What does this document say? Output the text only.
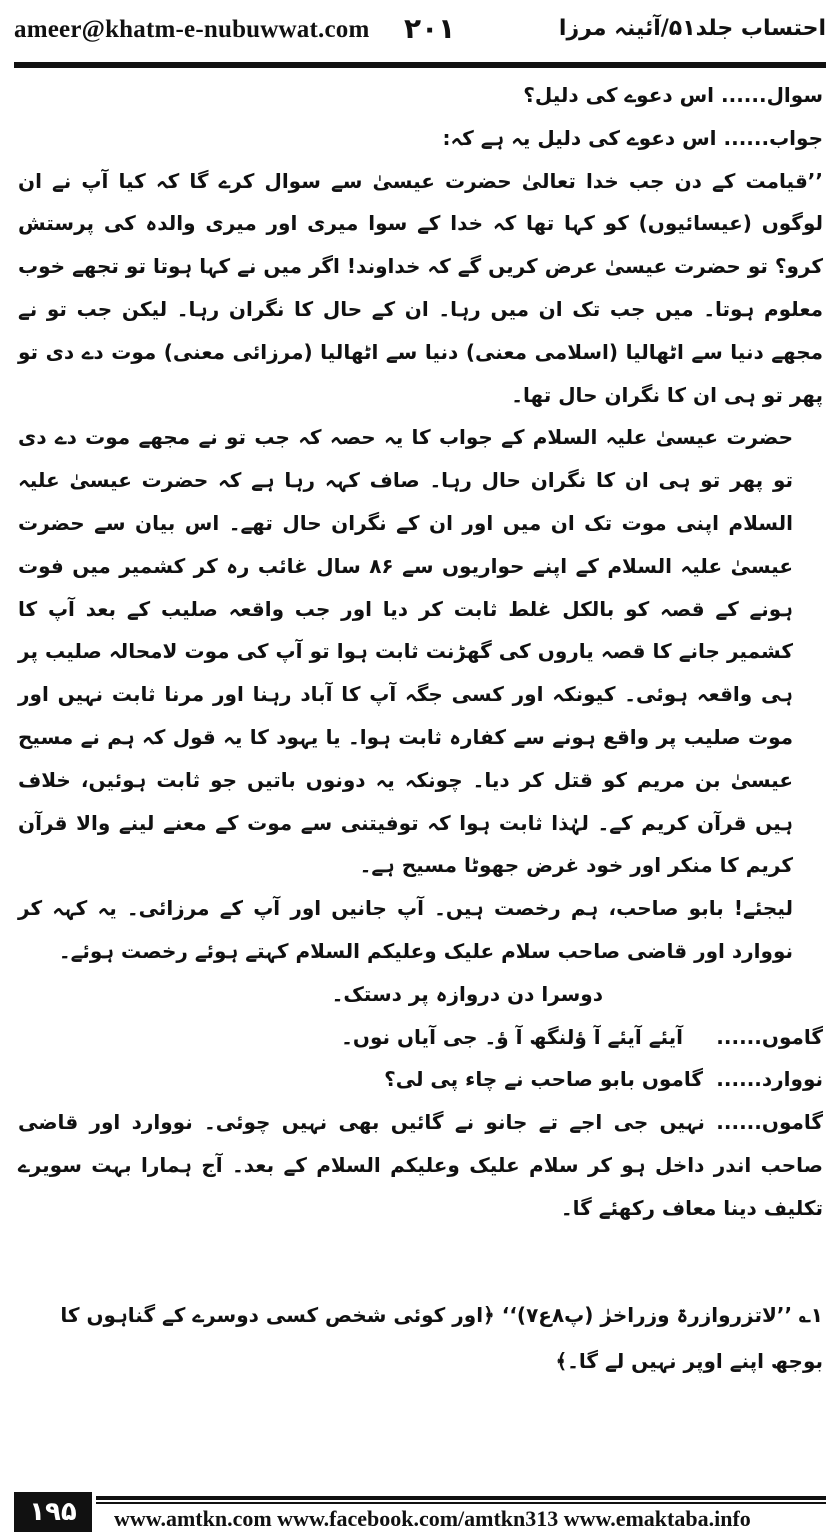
ameer@khatm-e-nubuwwat.com ۲۰۱	احتساب جلد۵۱/آئینہ مرزا

سوال...... اس دعوے کی دلیل؟

جواب...... اس دعوے کی دلیل یہ ہے کہ:

’’قیامت کے دن جب خدا تعالیٰ حضرت عیسیٰ سے سوال کرے گا کہ کیا آپ نے ان لوگوں (عیسائیوں) کو کہا تھا کہ خدا کے سوا میری اور میری والدہ کی پرستش کرو؟ تو حضرت عیسیٰ عرض کریں گے کہ خداوند! اگر میں نے کہا ہوتا تو تجھے خوب معلوم ہوتا۔ میں جب تک ان میں رہا۔ ان کے حال کا نگران رہا۔ لیکن جب تو نے مجھے دنیا سے اٹھالیا (اسلامی معنی) دنیا سے اٹھالیا (مرزائی معنی) موت دے دی تو پھر تو ہی ان کا نگران حال تھا۔

حضرت عیسیٰ علیہ السلام کے جواب کا یہ حصہ کہ جب تو نے مجھے موت دے دی تو پھر تو ہی ان کا نگران حال رہا۔ صاف کہہ رہا ہے کہ حضرت عیسیٰ علیہ السلام اپنی موت تک ان میں اور ان کے نگران حال تھے۔ اس بیان سے حضرت عیسیٰ علیہ السلام کے اپنے حواریوں سے ۸۶ سال غائب رہ کر کشمیر میں فوت ہونے کے قصہ کو بالکل غلط ثابت کر دیا اور جب واقعہ صلیب کے بعد آپ کا کشمیر جانے کا قصہ یاروں کی گھڑنت ثابت ہوا تو آپ کی موت لامحالہ صلیب پر ہی واقعہ ہوئی۔ کیونکہ اور کسی جگہ آپ کا آباد رہنا اور مرنا ثابت نہیں اور موت صلیب پر واقع ہونے سے کفارہ ثابت ہوا۔ یا یہود کا یہ قول کہ ہم نے مسیح عیسیٰ بن مریم کو قتل کر دیا۔ چونکہ یہ دونوں باتیں جو ثابت ہوئیں، خلاف ہیں قرآن کریم کے۔ لہٰذا ثابت ہوا کہ توفیتنی سے موت کے معنے لینے والا قرآن کریم کا منکر اور خود غرض جھوٹا مسیح ہے۔

لیجئے! بابو صاحب، ہم رخصت ہیں۔ آپ جانیں اور آپ کے مرزائی۔ یہ کہہ کر نووارد اور قاضی صاحب سلام علیک وعلیکم السلام کہتے ہوئے رخصت ہوئے۔

دوسرا دن دروازہ پر دستک۔

گاموں......
آیئے آیئے آ ؤلنگھ آ ؤ۔ جی آیاں نوں۔
نووارد......
گاموں بابو صاحب نے چاء پی لی؟

گاموں...... نہیں جی اجے تے جانو نے گائیں بھی نہیں چوئی۔ نووارد اور قاضی صاحب اندر داخل ہو کر سلام علیک وعلیکم السلام کے بعد۔ آج ہمارا بہت سویرے تکلیف دینا معاف رکھئے گا۔

۱؎ ’’لاتزروازرۃ وزراخرٰ (پ۸ع۷)‘‘ ﴿اور کوئی شخص کسی دوسرے کے گناہوں کا بوجھ اپنے اوپر نہیں لے گا۔﴾
۱۹۵	www.amtkn.com www.facebook.com/amtkn313 www.emaktaba.info
